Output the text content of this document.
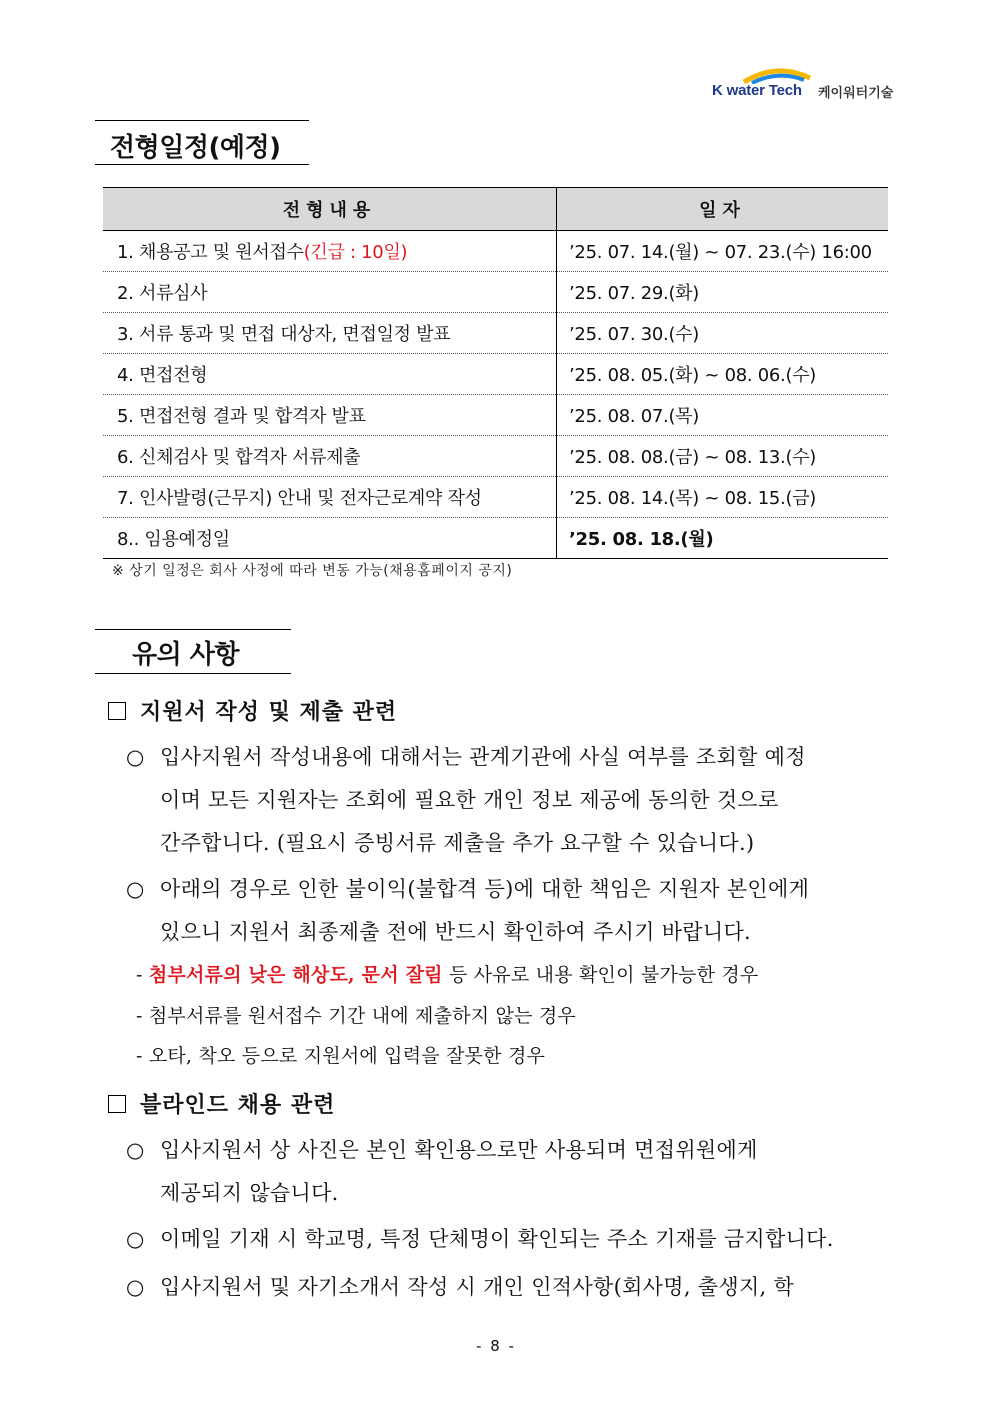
K water Tech 케이워터기술
전형일정(예정)
전형내용	일자
1. 채용공고 및 원서접수(긴급 : 10일)	’25. 07. 14.(월) ~ 07. 23.(수) 16:00
2. 서류심사	’25. 07. 29.(화)
3. 서류 통과 및 면접 대상자, 면접일정 발표	’25. 07. 30.(수)
4. 면접전형	’25. 08. 05.(화) ~ 08. 06.(수)
5. 면접전형 결과 및 합격자 발표	’25. 08. 07.(목)
6. 신체검사 및 합격자 서류제출	’25. 08. 08.(금) ~ 08. 13.(수)
7. 인사발령(근무지) 안내 및 전자근로계약 작성	’25. 08. 14.(목) ~ 08. 15.(금)
8.. 임용예정일	’25. 08. 18.(월)
※ 상기 일정은 회사 사정에 따라 변동 가능(채용홈페이지 공지)
유의 사항
지원서 작성 및 제출 관련
○ 입사지원서 작성내용에 대해서는 관계기관에 사실 여부를 조회할 예정
이며 모든 지원자는 조회에 필요한 개인 정보 제공에 동의한 것으로
간주합니다. (필요시 증빙서류 제출을 추가 요구할 수 있습니다.)
○ 아래의 경우로 인한 불이익(불합격 등)에 대한 책임은 지원자 본인에게
있으니 지원서 최종제출 전에 반드시 확인하여 주시기 바랍니다.
- 첨부서류의 낮은 해상도, 문서 잘림 등 사유로 내용 확인이 불가능한 경우
- 첨부서류를 원서접수 기간 내에 제출하지 않는 경우
- 오타, 착오 등으로 지원서에 입력을 잘못한 경우
블라인드 채용 관련
○ 입사지원서 상 사진은 본인 확인용으로만 사용되며 면접위원에게
제공되지 않습니다.
○ 이메일 기재 시 학교명, 특정 단체명이 확인되는 주소 기재를 금지합니다.
○ 입사지원서 및 자기소개서 작성 시 개인 인적사항(회사명, 출생지, 학
- 8 -
